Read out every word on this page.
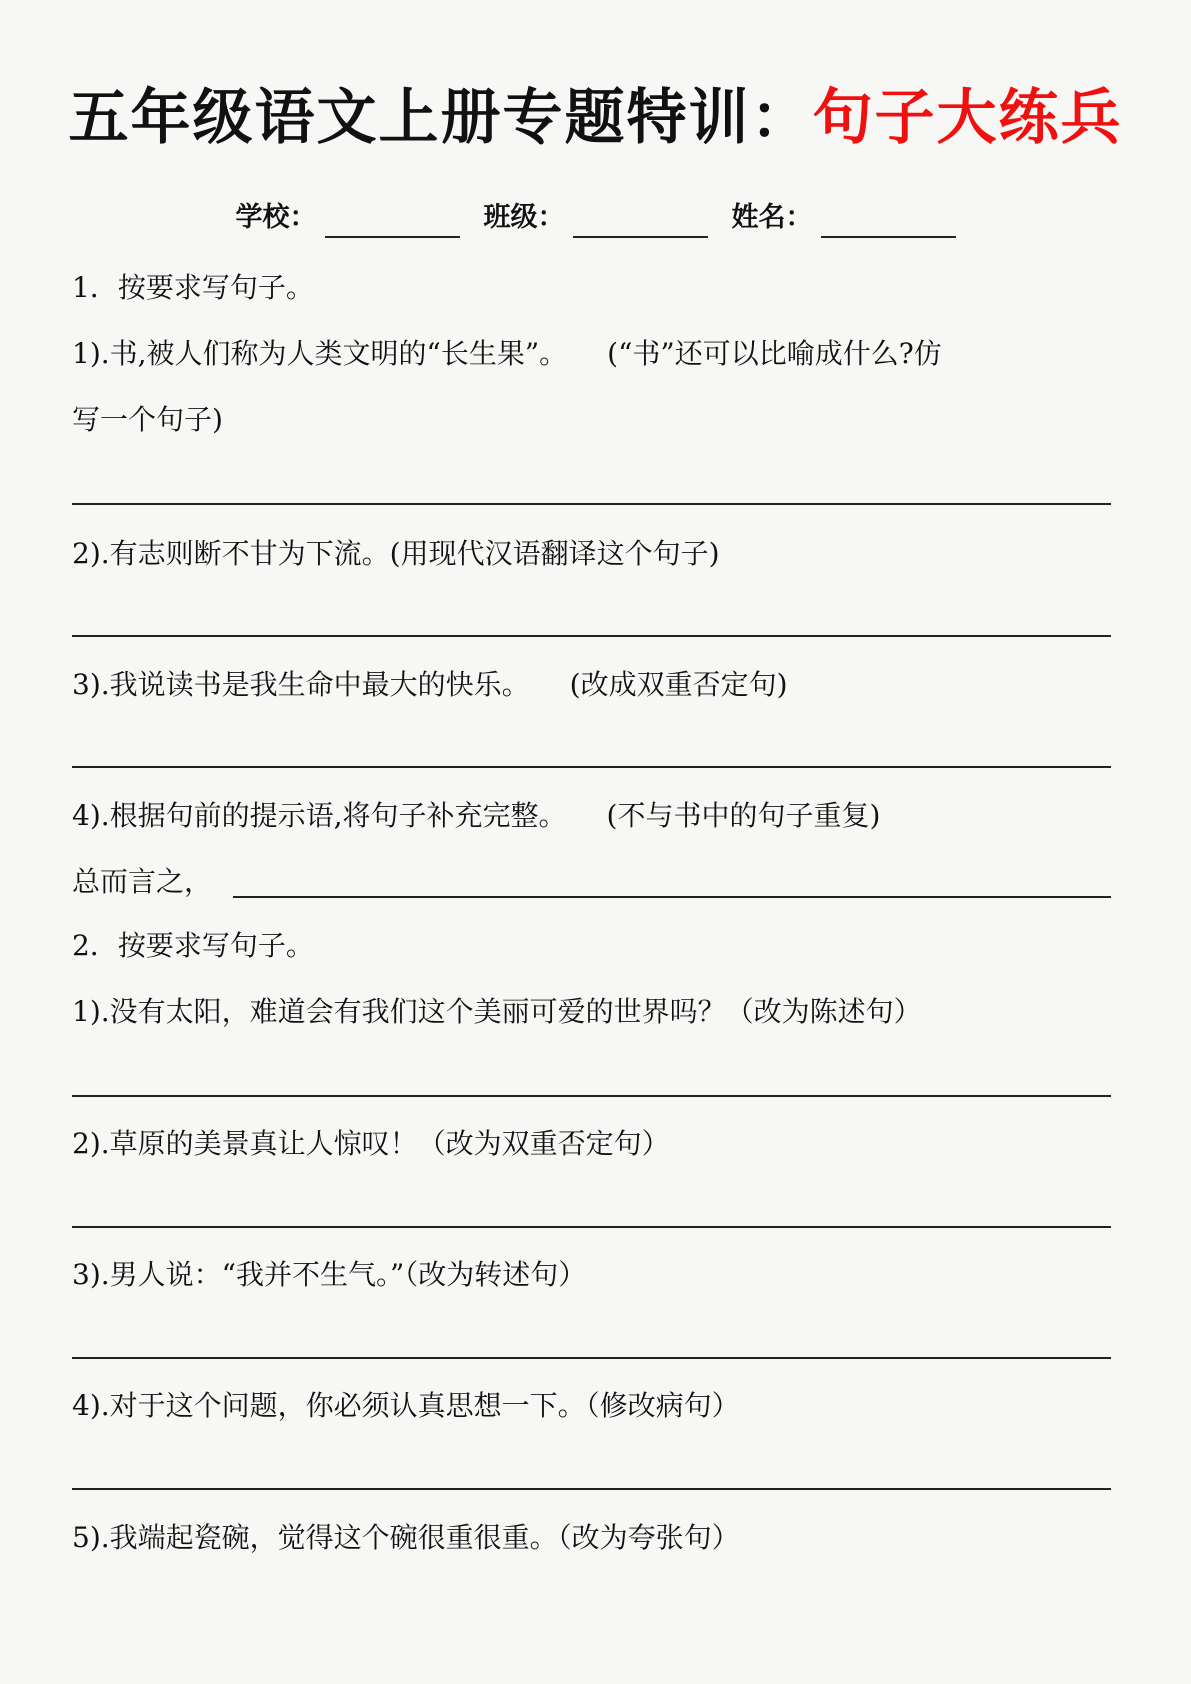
五年级语文上册专题特训：句子大练兵
学校：	班级：	姓名：
1．按要求写句子。
1).书,被人们称为人类文明的“长生果”。 (“书”还可以比喻成什么?仿
写一个句子)
2).有志则断不甘为下流。(用现代汉语翻译这个句子)
3).我说读书是我生命中最大的快乐。 (改成双重否定句)
4).根据句前的提示语,将句子补充完整。 (不与书中的句子重复)
总而言之，
2．按要求写句子。
1).没有太阳，难道会有我们这个美丽可爱的世界吗？（改为陈述句）
2).草原的美景真让人惊叹！（改为双重否定句）
3).男人说：“我并不生气。”（改为转述句）
4).对于这个问题，你必须认真思想一下。（修改病句）
5).我端起瓷碗，觉得这个碗很重很重。（改为夸张句）
